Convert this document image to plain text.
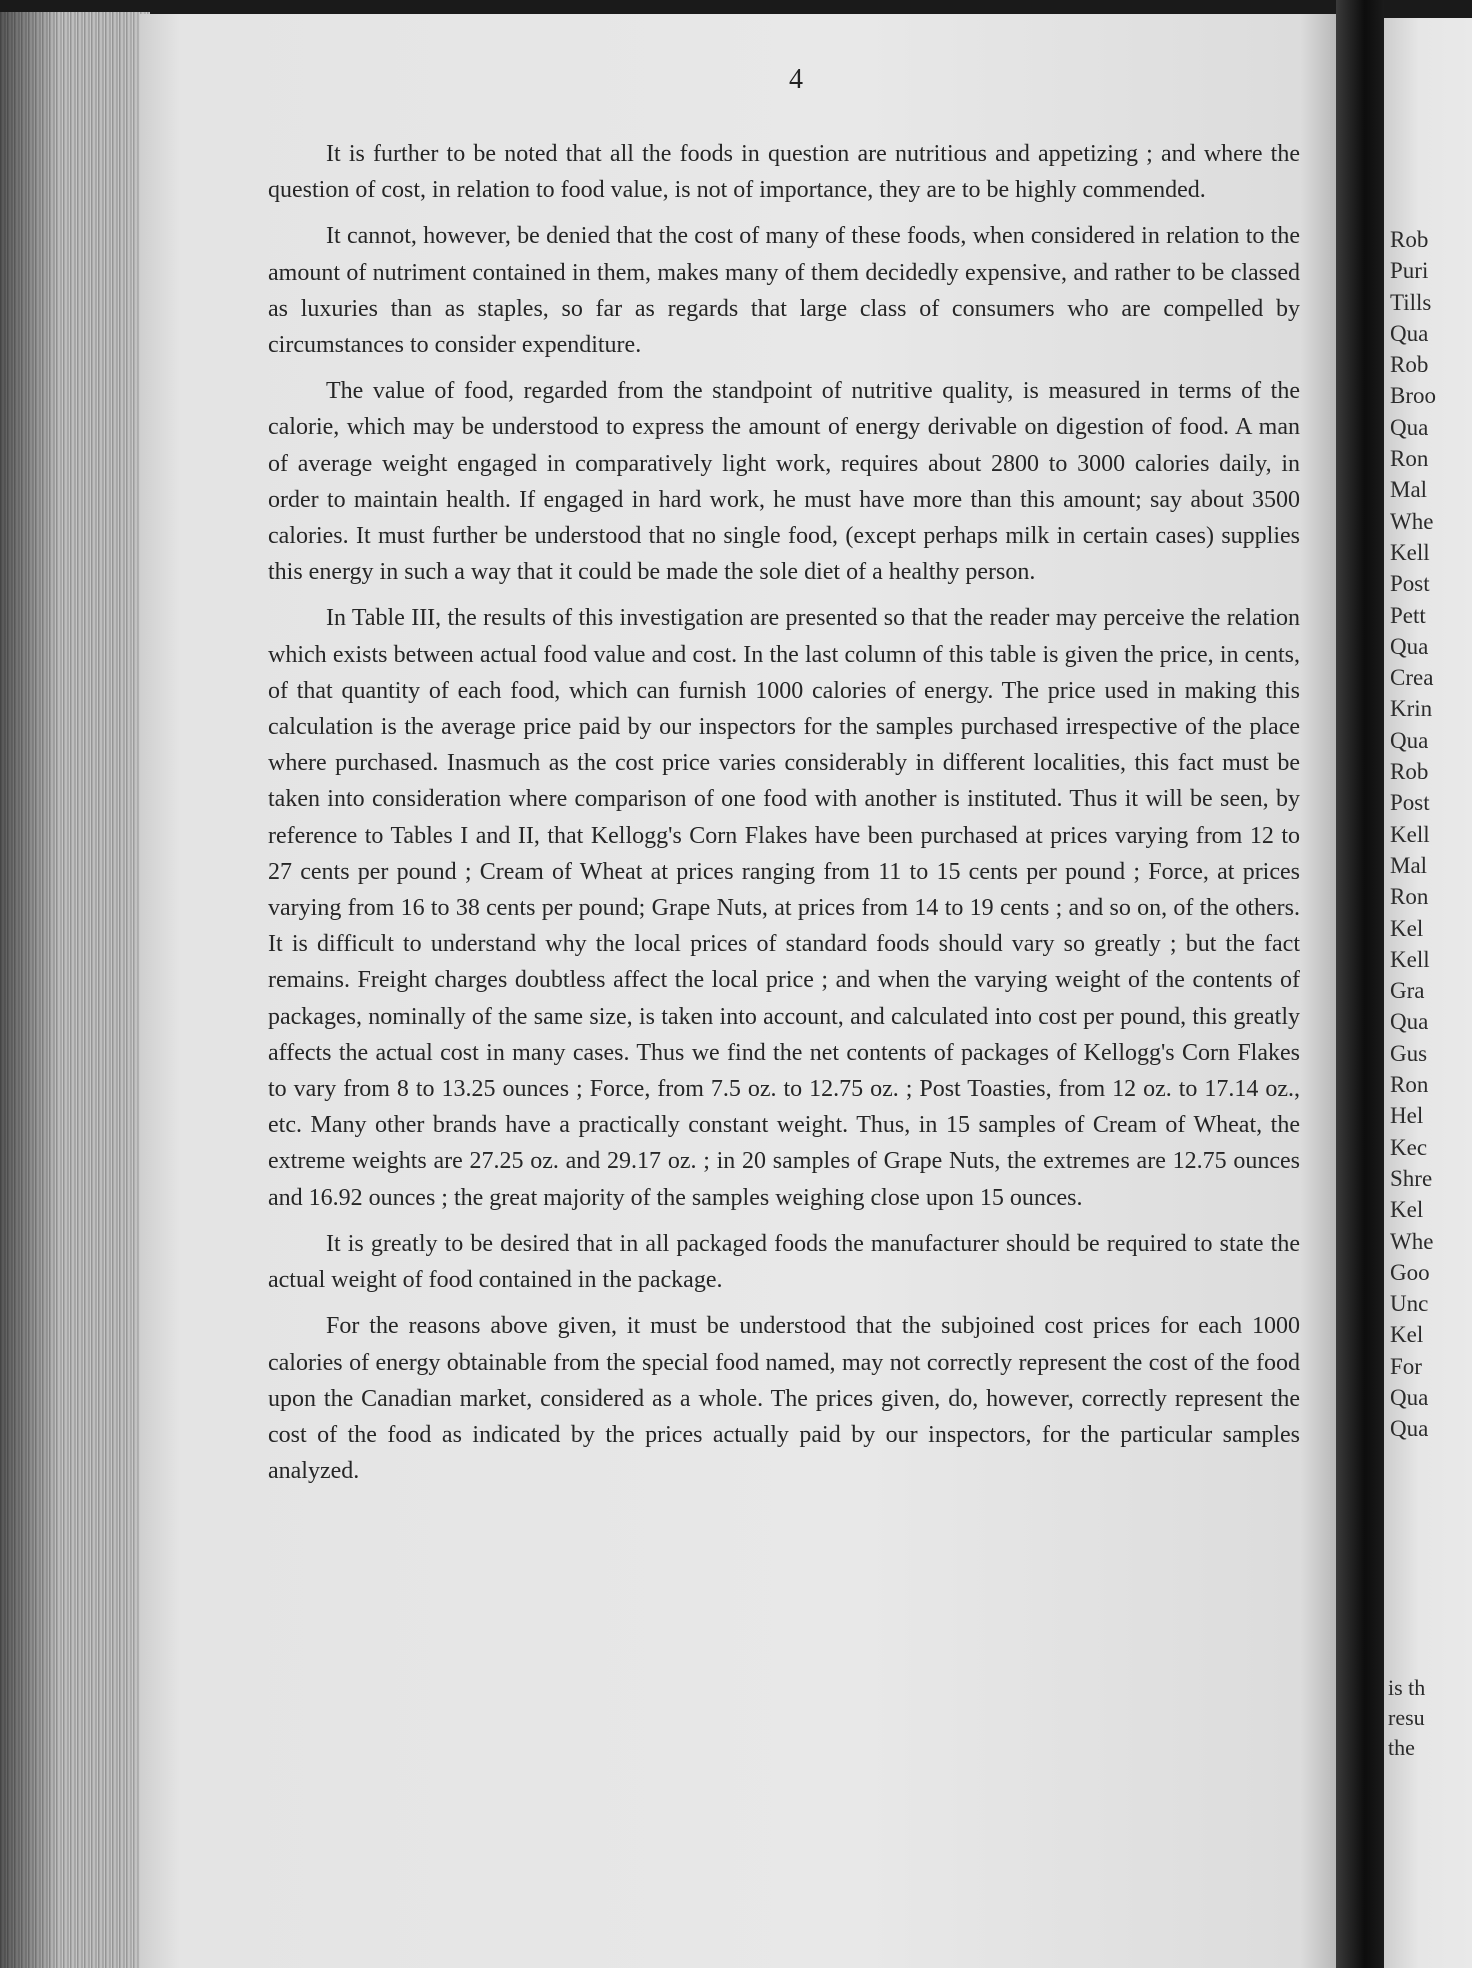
4

It is further to be noted that all the foods in question are nutritious and appetizing ; and where the question of cost, in relation to food value, is not of importance, they are to be highly commended.

It cannot, however, be denied that the cost of many of these foods, when considered in relation to the amount of nutriment contained in them, makes many of them decidedly expensive, and rather to be classed as luxuries than as staples, so far as regards that large class of consumers who are compelled by circumstances to consider expenditure.

The value of food, regarded from the standpoint of nutritive quality, is measured in terms of the calorie, which may be understood to express the amount of energy derivable on digestion of food. A man of average weight engaged in comparatively light work, requires about 2800 to 3000 calories daily, in order to maintain health. If engaged in hard work, he must have more than this amount; say about 3500 calories. It must further be understood that no single food, (except perhaps milk in certain cases) supplies this energy in such a way that it could be made the sole diet of a healthy person.

In Table III, the results of this investigation are presented so that the reader may perceive the relation which exists between actual food value and cost. In the last column of this table is given the price, in cents, of that quantity of each food, which can furnish 1000 calories of energy. The price used in making this calculation is the average price paid by our inspectors for the samples purchased irrespective of the place where purchased. Inasmuch as the cost price varies considerably in different localities, this fact must be taken into consideration where comparison of one food with another is instituted. Thus it will be seen, by reference to Tables I and II, that Kellogg's Corn Flakes have been purchased at prices varying from 12 to 27 cents per pound ; Cream of Wheat at prices ranging from 11 to 15 cents per pound ; Force, at prices varying from 16 to 38 cents per pound; Grape Nuts, at prices from 14 to 19 cents ; and so on, of the others. It is difficult to understand why the local prices of standard foods should vary so greatly ; but the fact remains. Freight charges doubtless affect the local price ; and when the varying weight of the contents of packages, nominally of the same size, is taken into account, and calculated into cost per pound, this greatly affects the actual cost in many cases. Thus we find the net contents of packages of Kellogg's Corn Flakes to vary from 8 to 13.25 ounces ; Force, from 7.5 oz. to 12.75 oz. ; Post Toasties, from 12 oz. to 17.14 oz., etc. Many other brands have a practically constant weight. Thus, in 15 samples of Cream of Wheat, the extreme weights are 27.25 oz. and 29.17 oz. ; in 20 samples of Grape Nuts, the extremes are 12.75 ounces and 16.92 ounces ; the great majority of the samples weighing close upon 15 ounces.

It is greatly to be desired that in all packaged foods the manufacturer should be required to state the actual weight of food contained in the package.

For the reasons above given, it must be understood that the subjoined cost prices for each 1000 calories of energy obtainable from the special food named, may not correctly represent the cost of the food upon the Canadian market, considered as a whole. The prices given, do, however, correctly represent the cost of the food as indicated by the prices actually paid by our inspectors, for the particular samples analyzed.

Rob
Puri
Tills
Qua
Rob
Broo
Qua
Ron
Mal
Whe
Kell
Post
Pett
Qua
Crea
Krin
Qua
Rob
Post
Kell
Mal
Ron
Kel
Kell
Gra
Qua
Gus
Ron
Hel
Kec
Shre
Kel
Whe
Goo
Unc
Kel
For
Qua
Qua
is th
resu
the
